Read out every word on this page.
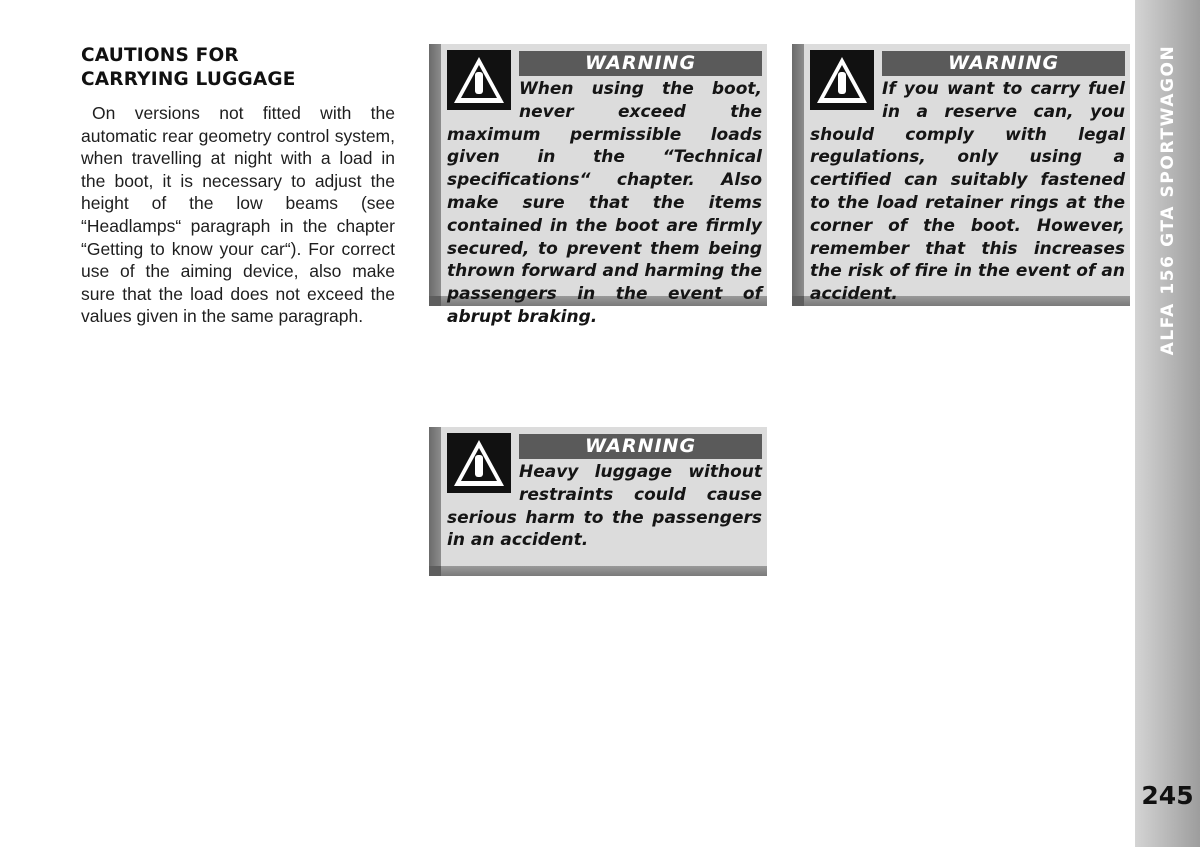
CAUTIONS FOR
CARRYING LUGGAGE

On versions not fitted with the automatic rear geometry control system, when travelling at night with a load in the boot, it is necessary to adjust the height of the low beams (see “Headlamps“ paragraph in the chapter “Getting to know your car“). For correct use of the aiming device, also make sure that the load does not exceed the values given in the same paragraph.

WARNING

When using the boot, never exceed the maximum permissible loads given in the “Technical specifications“ chapter. Also make sure that the items contained in the boot are firmly secured, to prevent them being thrown forward and harming the passengers in the event of abrupt braking.

WARNING

If you want to carry fuel in a reserve can, you should comply with legal regulations, only using a certified can suitably fastened to the load retainer rings at the corner of the boot. However, remember that this increases the risk of fire in the event of an accident.

WARNING

Heavy luggage without restraints could cause serious harm to the passengers in an accident.

ALFA 156 GTA SPORTWAGON
245
